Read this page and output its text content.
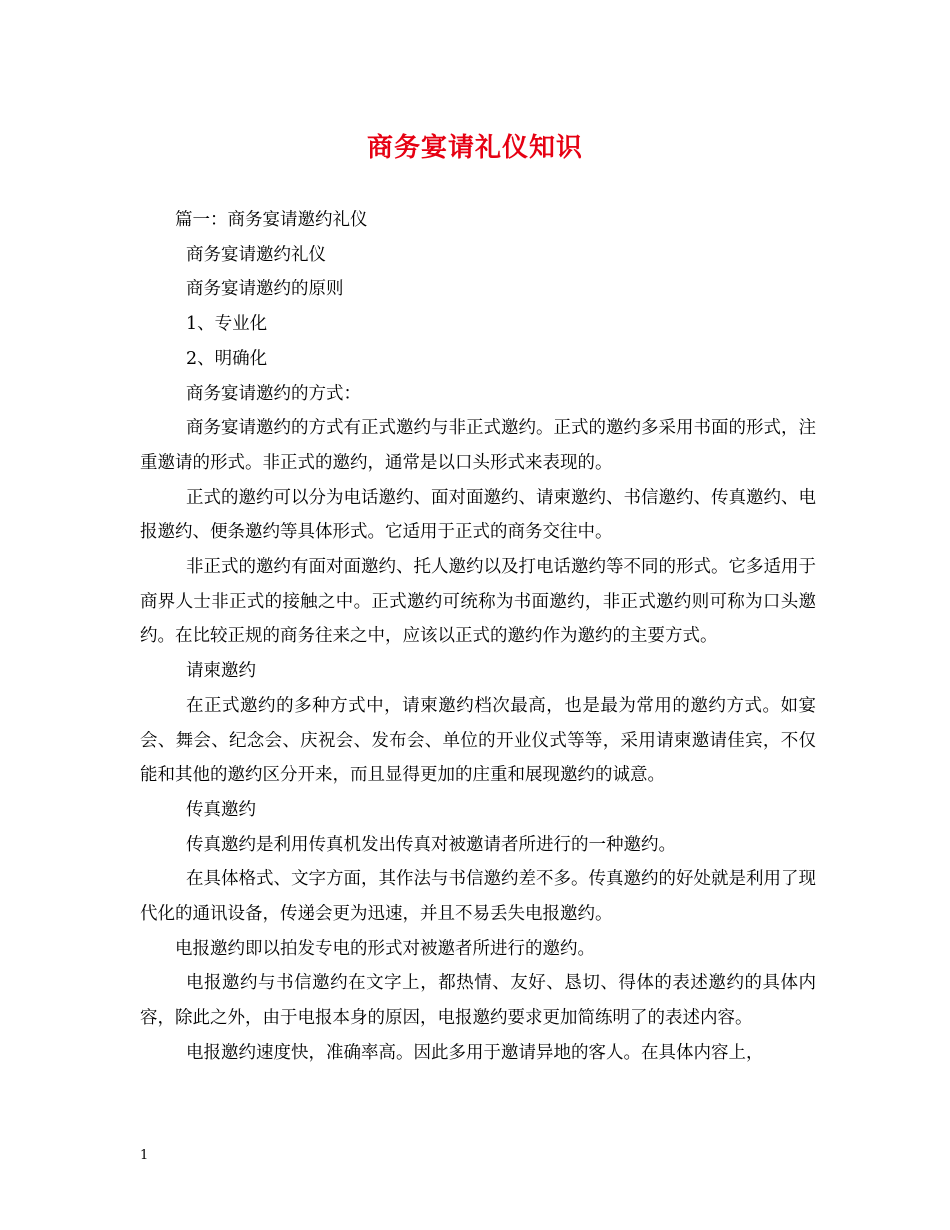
商务宴请礼仪知识

篇一：商务宴请邀约礼仪

商务宴请邀约礼仪

商务宴请邀约的原则

1、专业化

2、明确化

商务宴请邀约的方式：

商务宴请邀约的方式有正式邀约与非正式邀约。正式的邀约多采用书面的形式，注重邀请的形式。非正式的邀约，通常是以口头形式来表现的。

正式的邀约可以分为电话邀约、面对面邀约、请柬邀约、书信邀约、传真邀约、电报邀约、便条邀约等具体形式。它适用于正式的商务交往中。

非正式的邀约有面对面邀约、托人邀约以及打电话邀约等不同的形式。它多适用于商界人士非正式的接触之中。正式邀约可统称为书面邀约，非正式邀约则可称为口头邀约。在比较正规的商务往来之中，应该以正式的邀约作为邀约的主要方式。

请柬邀约

在正式邀约的多种方式中，请柬邀约档次最高，也是最为常用的邀约方式。如宴会、舞会、纪念会、庆祝会、发布会、单位的开业仪式等等，采用请柬邀请佳宾，不仅能和其他的邀约区分开来，而且显得更加的庄重和展现邀约的诚意。

传真邀约

传真邀约是利用传真机发出传真对被邀请者所进行的一种邀约。

在具体格式、文字方面，其作法与书信邀约差不多。传真邀约的好处就是利用了现代化的通讯设备，传递会更为迅速，并且不易丢失电报邀约。

电报邀约即以拍发专电的形式对被邀者所进行的邀约。

电报邀约与书信邀约在文字上，都热情、友好、恳切、得体的表述邀约的具体内容，除此之外，由于电报本身的原因，电报邀约要求更加简练明了的表述内容。

电报邀约速度快，准确率高。因此多用于邀请异地的客人。在具体内容上，

1
